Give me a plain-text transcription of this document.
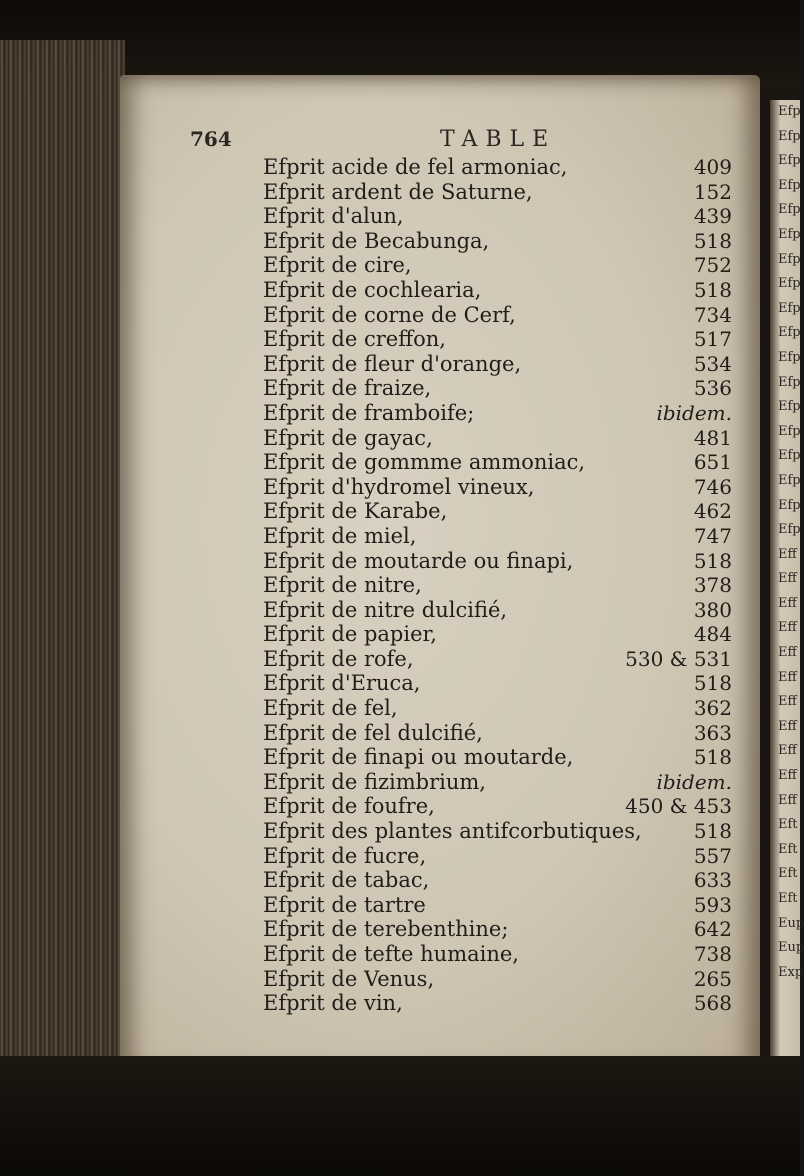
Efp
Efp
Efp
Efp
Efp
Efp
Efp
Efp
Efp
Efp
Efp
Efp
Efp
Efp
Efp
Efp
Efp
Efp
Eff
Eff
Eff
Eff
Eff
Eff
Eff
Eff
Eff
Eff
Eff
Eft
Eft
Eft
Eft
Eup
Eup
Exp
764	TABLE
Efprit acide de fel armoniac,	409
Efprit ardent de Saturne,	152
Efprit d'alun,	439
Efprit de Becabunga,	518
Efprit de cire,	752
Efprit de cochlearia,	518
Efprit de corne de Cerf,	734
Efprit de creffon,	517
Efprit de fleur d'orange,	534
Efprit de fraize,	536
Efprit de framboife;	ibidem.
Efprit de gayac,	481
Efprit de gommme ammoniac,	651
Efprit d'hydromel vineux,	746
Efprit de Karabe,	462
Efprit de miel,	747
Efprit de moutarde ou finapi,	518
Efprit de nitre,	378
Efprit de nitre dulcifié,	380
Efprit de papier,	484
Efprit de rofe,	530 & 531
Efprit d'Eruca,	518
Efprit de fel,	362
Efprit de fel dulcifié,	363
Efprit de finapi ou moutarde,	518
Efprit de fizimbrium,	ibidem.
Efprit de foufre,	450 & 453
Efprit des plantes antifcorbutiques,	518
Efprit de fucre,	557
Efprit de tabac,	633
Efprit de tartre	593
Efprit de terebenthine;	642
Efprit de tefte humaine,	738
Efprit de Venus,	265
Efprit de vin,	568
